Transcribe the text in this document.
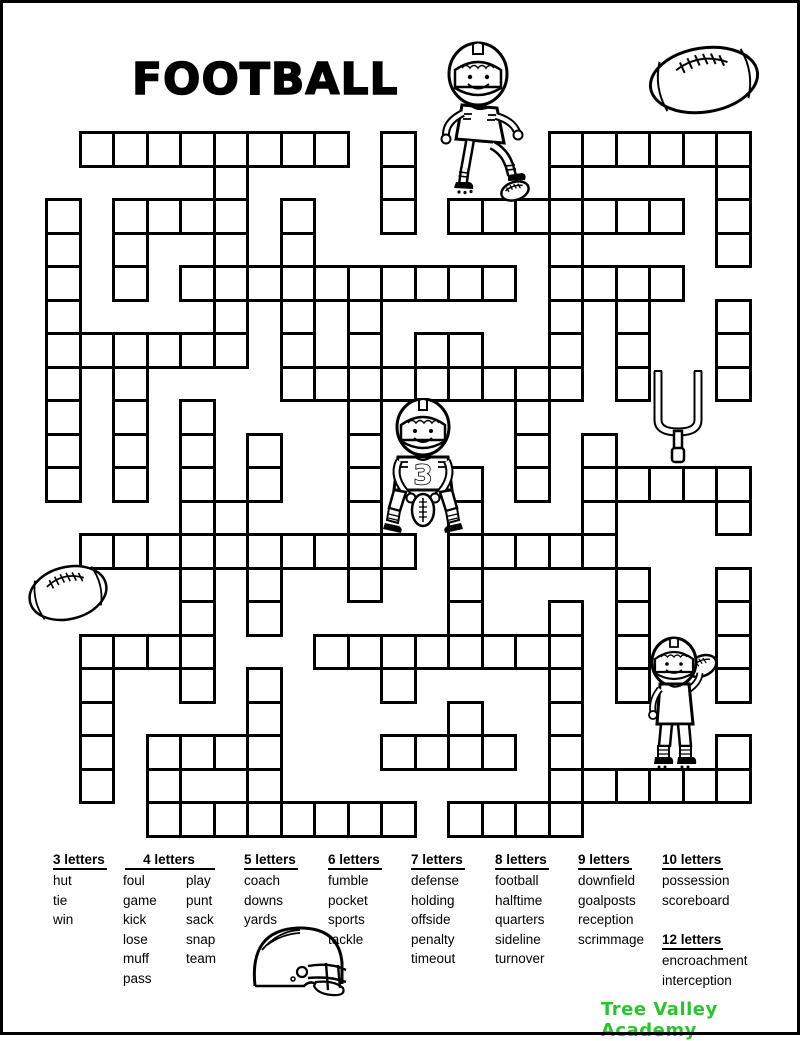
FOOTBALL
3
3 letters
hut
tie
win
4 letters
foul
game
kick
lose
muff
pass
play
punt
sack
snap
team
5 letters
coach
downs
yards
6 letters
fumble
pocket
sports
tackle
7 letters
defense
holding
offside
penalty
timeout
8 letters
football
halftime
quarters
sideline
turnover
9 letters
downfield
goalposts
reception
scrimmage
10 letters
possession
scoreboard
12 letters
encroachment
interception
Tree Valley Academy
